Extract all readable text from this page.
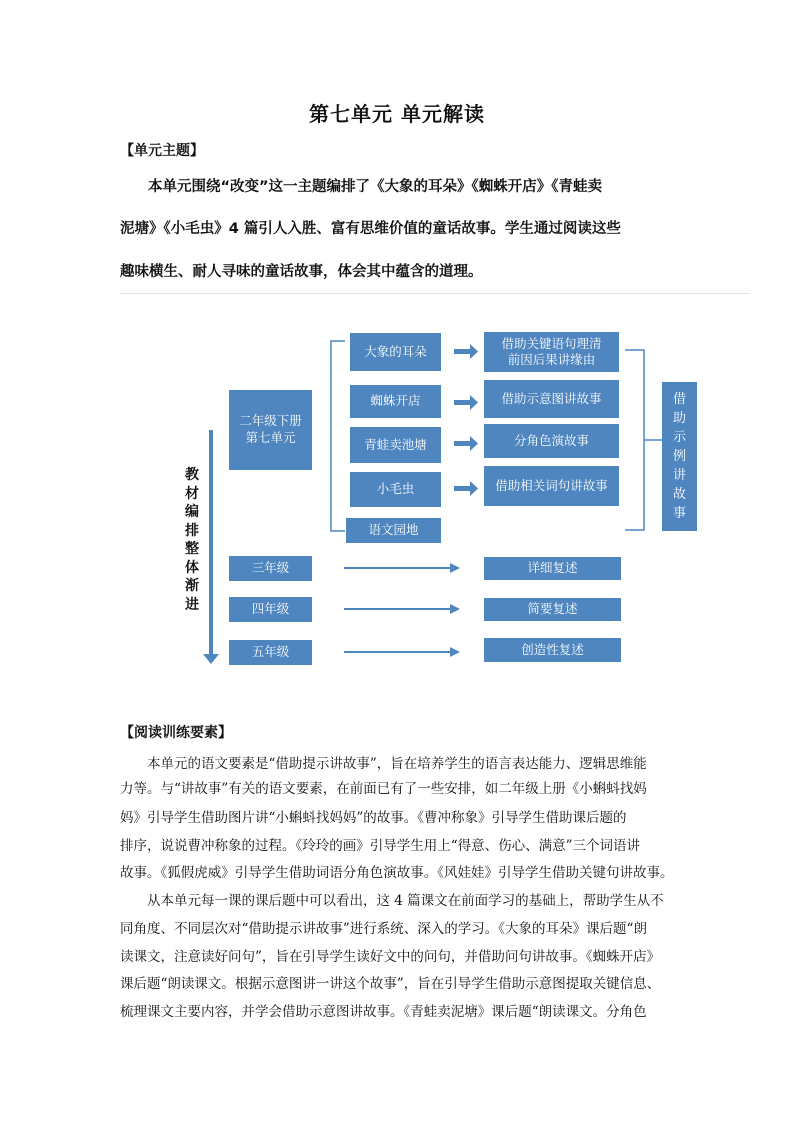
第七单元 单元解读
【单元主题】
本单元围绕“改变”这一主题编排了《大象的耳朵》《蜘蛛开店》《青蛙卖
泥塘》《小毛虫》4 篇引人入胜、富有思维价值的童话故事。学生通过阅读这些
趣味横生、耐人寻味的童话故事，体会其中蕴含的道理。
教材编排整体渐进
二年级下册
第七单元
大象的耳朵
蜘蛛开店
青蛙卖池塘
小毛虫
语文园地
借助关键语句理清
前因后果讲缘由
借助示意图讲故事
分角色演故事
借助相关词句讲故事
借助示例讲故事
三年级
四年级
五年级
详细复述
简要复述
创造性复述
【阅读训练要素】
本单元的语文要素是“借助提示讲故事”，旨在培养学生的语言表达能力、逻辑思维能
力等。与“讲故事”有关的语文要素，在前面已有了一些安排，如二年级上册《小蝌蚪找妈
妈》引导学生借助图片讲“小蝌蚪找妈妈”的故事。《曹冲称象》引导学生借助课后题的
排序，说说曹冲称象的过程。《玲玲的画》引导学生用上“得意、伤心、满意”三个词语讲
故事。《狐假虎威》引导学生借助词语分角色演故事。《风娃娃》引导学生借助关键句讲故事。
从本单元每一课的课后题中可以看出，这 4 篇课文在前面学习的基础上，帮助学生从不
同角度、不同层次对“借助提示讲故事”进行系统、深入的学习。《大象的耳朵》课后题“朗
读课文，注意读好问句”，旨在引导学生读好文中的问句，并借助问句讲故事。《蜘蛛开店》
课后题“朗读课文。根据示意图讲一讲这个故事”，旨在引导学生借助示意图提取关键信息、
梳理课文主要内容，并学会借助示意图讲故事。《青蛙卖泥塘》课后题“朗读课文。分角色
